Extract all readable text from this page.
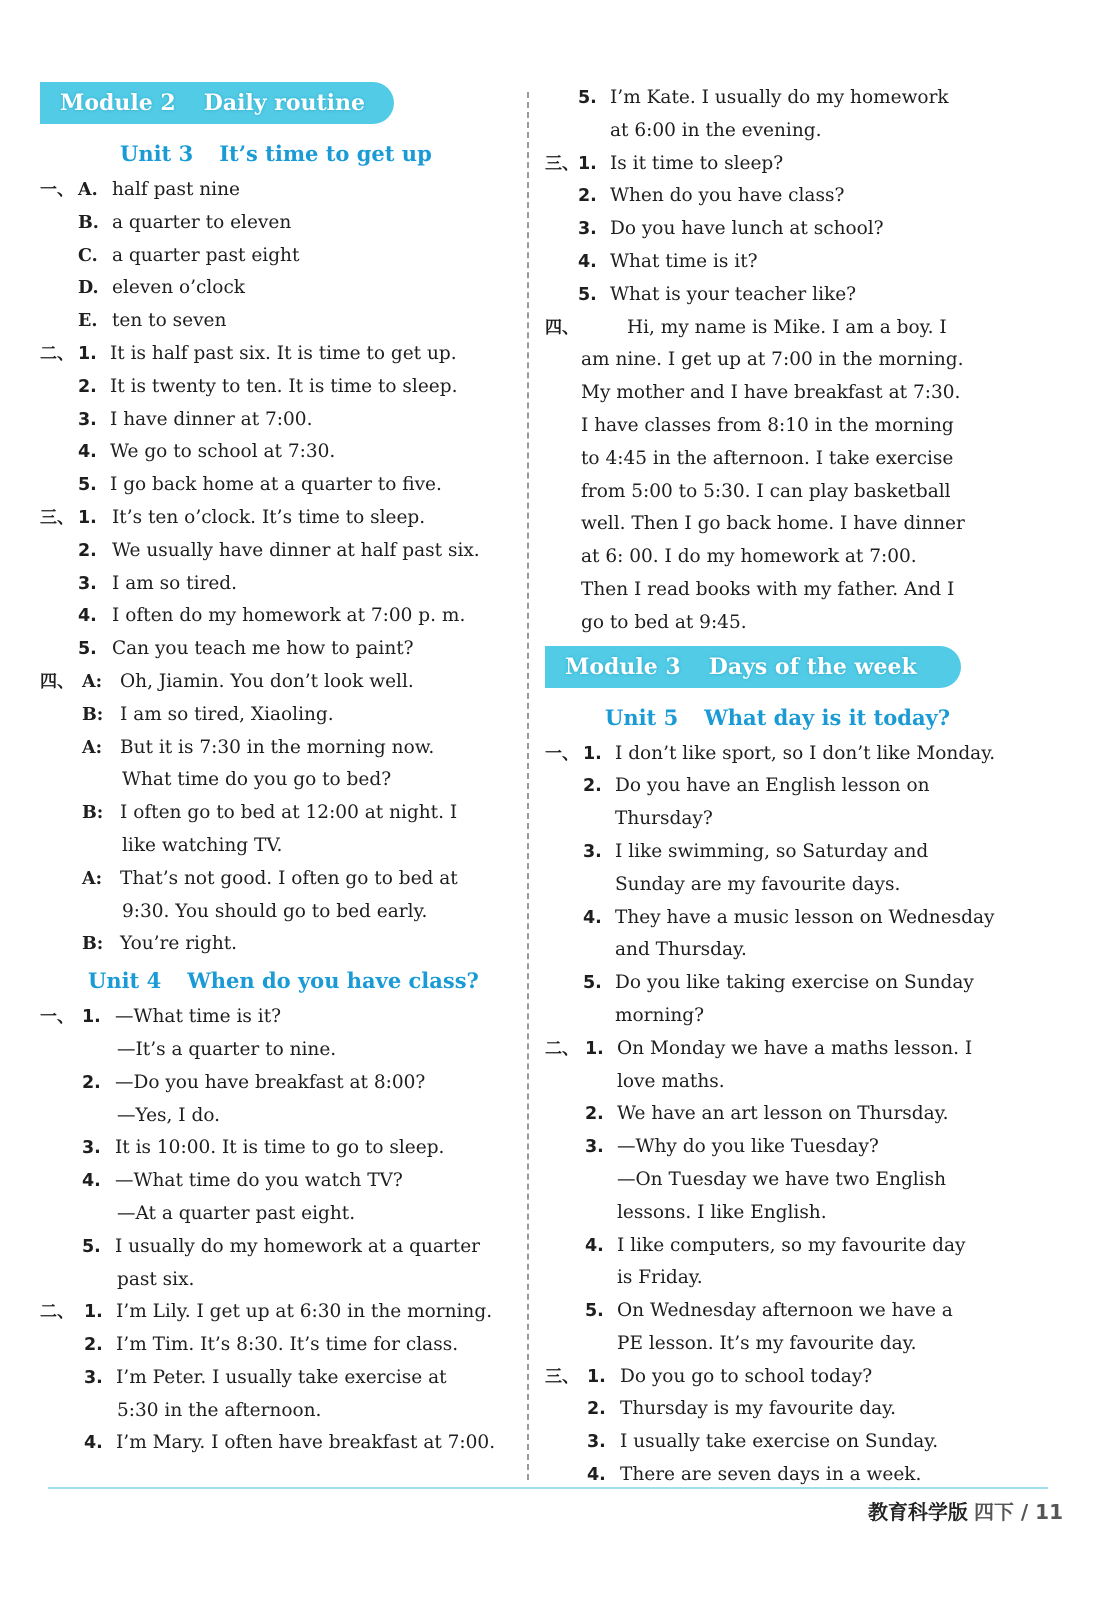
Module 2 Daily routine
Unit 3 It’s time to get up
一、 A. half past nine
B. a quarter to eleven
C. a quarter past eight
D. eleven o’clock
E. ten to seven
二、 1. It is half past six. It is time to get up.
2. It is twenty to ten. It is time to sleep.
3. I have dinner at 7:00.
4. We go to school at 7:30.
5. I go back home at a quarter to five.
三、 1. It’s ten o’clock. It’s time to sleep.
2. We usually have dinner at half past six.
3. I am so tired.
4. I often do my homework at 7:00 p. m.
5. Can you teach me how to paint?
四、 A: Oh, Jiamin. You don’t look well.
B: I am so tired, Xiaoling.
A: But it is 7:30 in the morning now.
What time do you go to bed?
B: I often go to bed at 12:00 at night. I
like watching TV.
A: That’s not good. I often go to bed at
9:30. You should go to bed early.
B: You’re right.
Unit 4 When do you have class?
一、 1. —What time is it?
—It’s a quarter to nine.
2. —Do you have breakfast at 8:00?
—Yes, I do.
3. It is 10:00. It is time to go to sleep.
4. —What time do you watch TV?
—At a quarter past eight.
5. I usually do my homework at a quarter
past six.
二、 1. I’m Lily. I get up at 6:30 in the morning.
2. I’m Tim. It’s 8:30. It’s time for class.
3. I’m Peter. I usually take exercise at
5:30 in the afternoon.
4. I’m Mary. I often have breakfast at 7:00.
5. I’m Kate. I usually do my homework
at 6:00 in the evening.
三、 1. Is it time to sleep?
2. When do you have class?
3. Do you have lunch at school?
4. What time is it?
5. What is your teacher like?
四、	Hi, my name is Mike. I am a boy. I
am nine. I get up at 7:00 in the morning.
My mother and I have breakfast at 7:30.
I have classes from 8:10 in the morning
to 4:45 in the afternoon. I take exercise
from 5:00 to 5:30. I can play basketball
well. Then I go back home. I have dinner
at 6: 00. I do my homework at 7:00.
Then I read books with my father. And I
go to bed at 9:45.
Module 3 Days of the week
Unit 5 What day is it today?
一、 1. I don’t like sport, so I don’t like Monday.
2. Do you have an English lesson on
Thursday?
3. I like swimming, so Saturday and
Sunday are my favourite days.
4. They have a music lesson on Wednesday
and Thursday.
5. Do you like taking exercise on Sunday
morning?
二、 1. On Monday we have a maths lesson. I
love maths.
2. We have an art lesson on Thursday.
3. —Why do you like Tuesday?
—On Tuesday we have two English
lessons. I like English.
4. I like computers, so my favourite day
is Friday.
5. On Wednesday afternoon we have a
PE lesson. It’s my favourite day.
三、 1. Do you go to school today?
2. Thursday is my favourite day.
3. I usually take exercise on Sunday.
4. There are seven days in a week.
教育科学版 四下 / 11
